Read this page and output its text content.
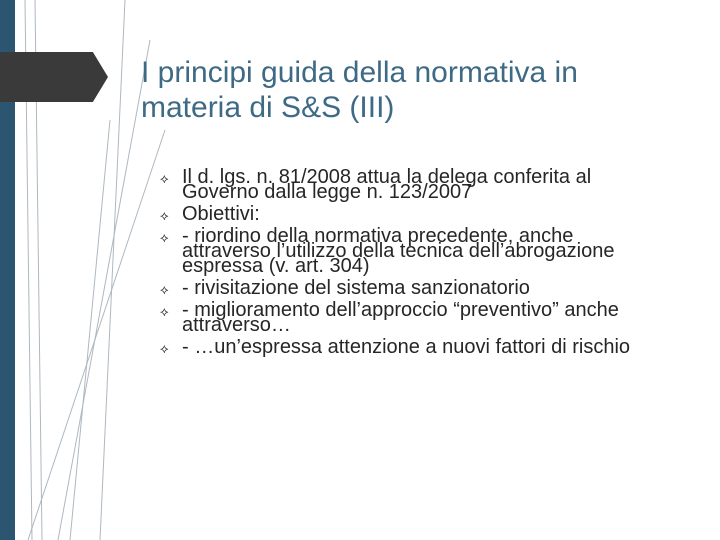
I principi guida della normativa in materia di S&S (III)
⟡ Il d. lgs. n. 81/2008 attua la delega conferita al Governo dalla legge n. 123/2007
⟡ Obiettivi:
⟡ - riordino della normativa precedente, anche attraverso l’utilizzo della tecnica dell’abrogazione espressa (v. art. 304)
⟡ - rivisitazione del sistema sanzionatorio
⟡ - miglioramento dell’approccio “preventivo” anche attraverso…
⟡ - …un’espressa attenzione a nuovi fattori di rischio
